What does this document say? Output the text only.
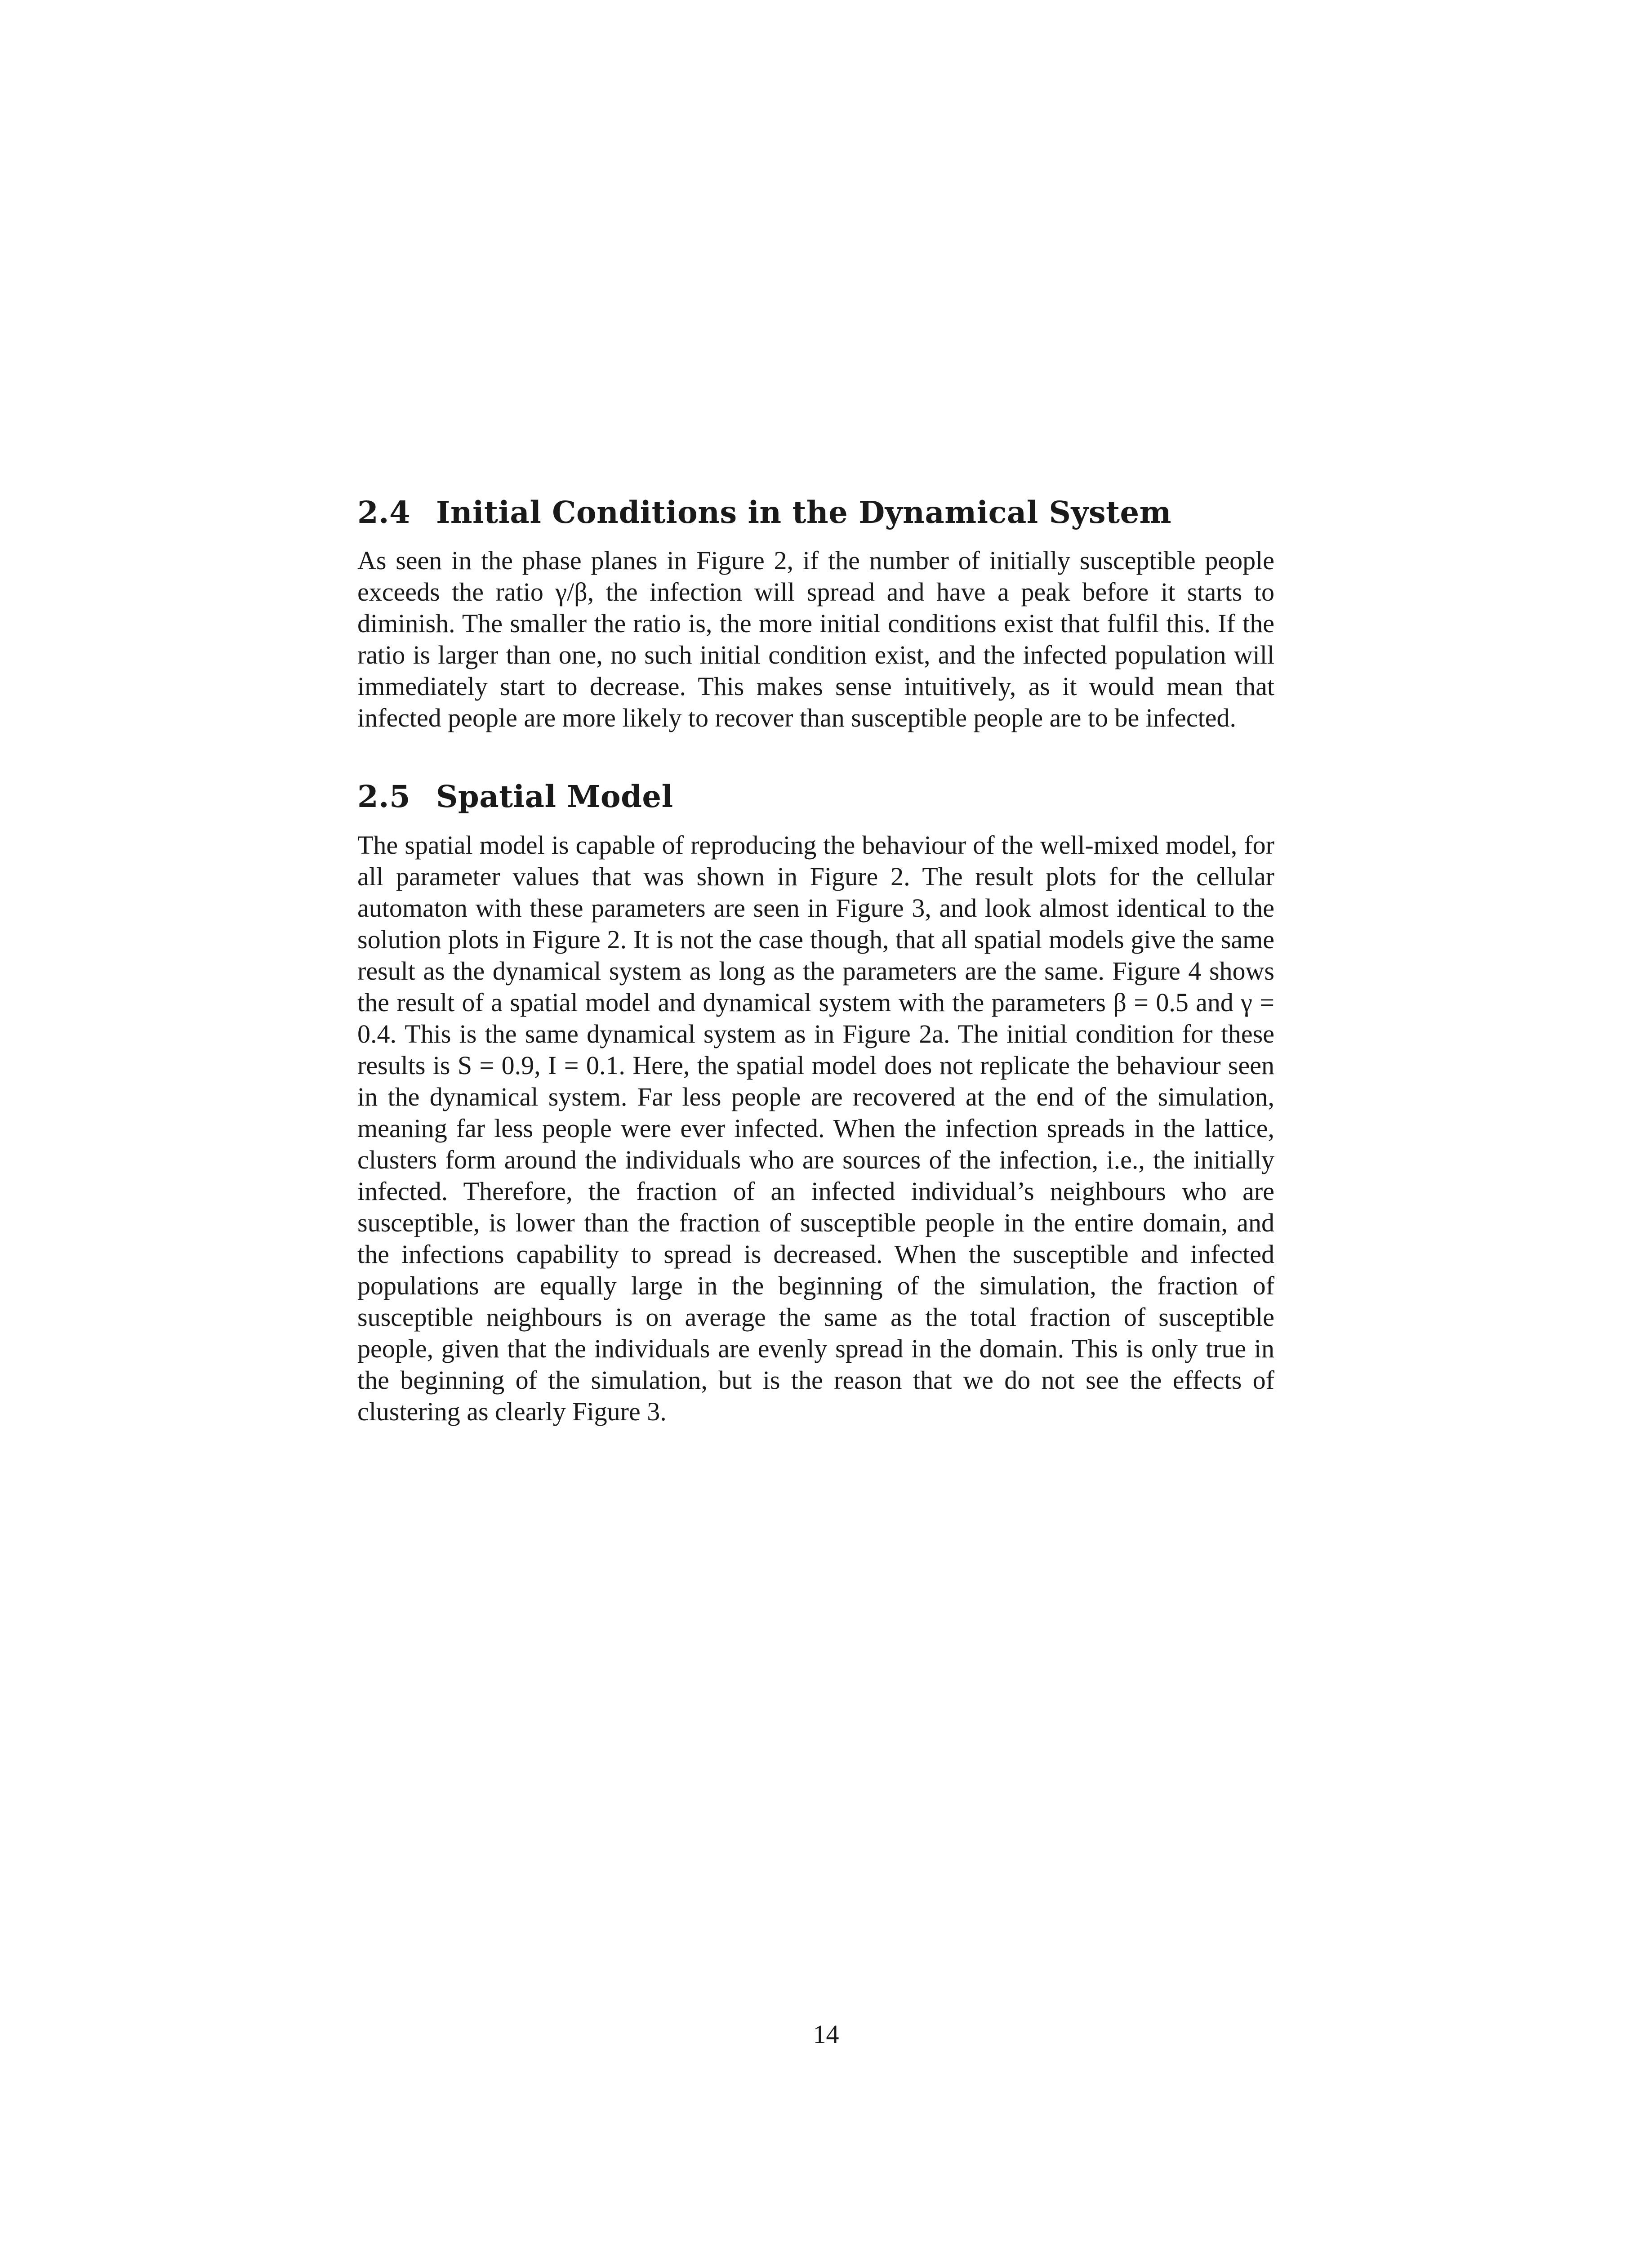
2.4 Initial Conditions in the Dynamical System

As seen in the phase planes in Figure 2, if the number of initially susceptible people exceeds the ratio γ/β, the infection will spread and have a peak before it starts to diminish. The smaller the ratio is, the more initial conditions exist that fulfil this. If the ratio is larger than one, no such initial condition exist, and the infected population will immediately start to decrease. This makes sense intuitively, as it would mean that infected people are more likely to recover than susceptible people are to be infected.

2.5 Spatial Model

The spatial model is capable of reproducing the behaviour of the well-mixed model, for all parameter values that was shown in Figure 2. The result plots for the cellular automaton with these parameters are seen in Figure 3, and look almost identical to the solution plots in Figure 2. It is not the case though, that all spatial models give the same result as the dynamical system as long as the parameters are the same. Figure 4 shows the result of a spatial model and dynamical system with the parameters β = 0.5 and γ = 0.4. This is the same dynamical system as in Figure 2a. The initial condition for these results is S = 0.9, I = 0.1. Here, the spatial model does not replicate the behaviour seen in the dynamical system. Far less people are recovered at the end of the simulation, meaning far less people were ever infected. When the infection spreads in the lattice, clusters form around the individuals who are sources of the infection, i.e., the initially infected. Therefore, the fraction of an infected individual’s neighbours who are susceptible, is lower than the fraction of susceptible people in the entire domain, and the infections capability to spread is decreased. When the susceptible and infected populations are equally large in the beginning of the simulation, the fraction of susceptible neighbours is on average the same as the total fraction of susceptible people, given that the individuals are evenly spread in the domain. This is only true in the beginning of the simulation, but is the reason that we do not see the effects of clustering as clearly Figure 3.

14
